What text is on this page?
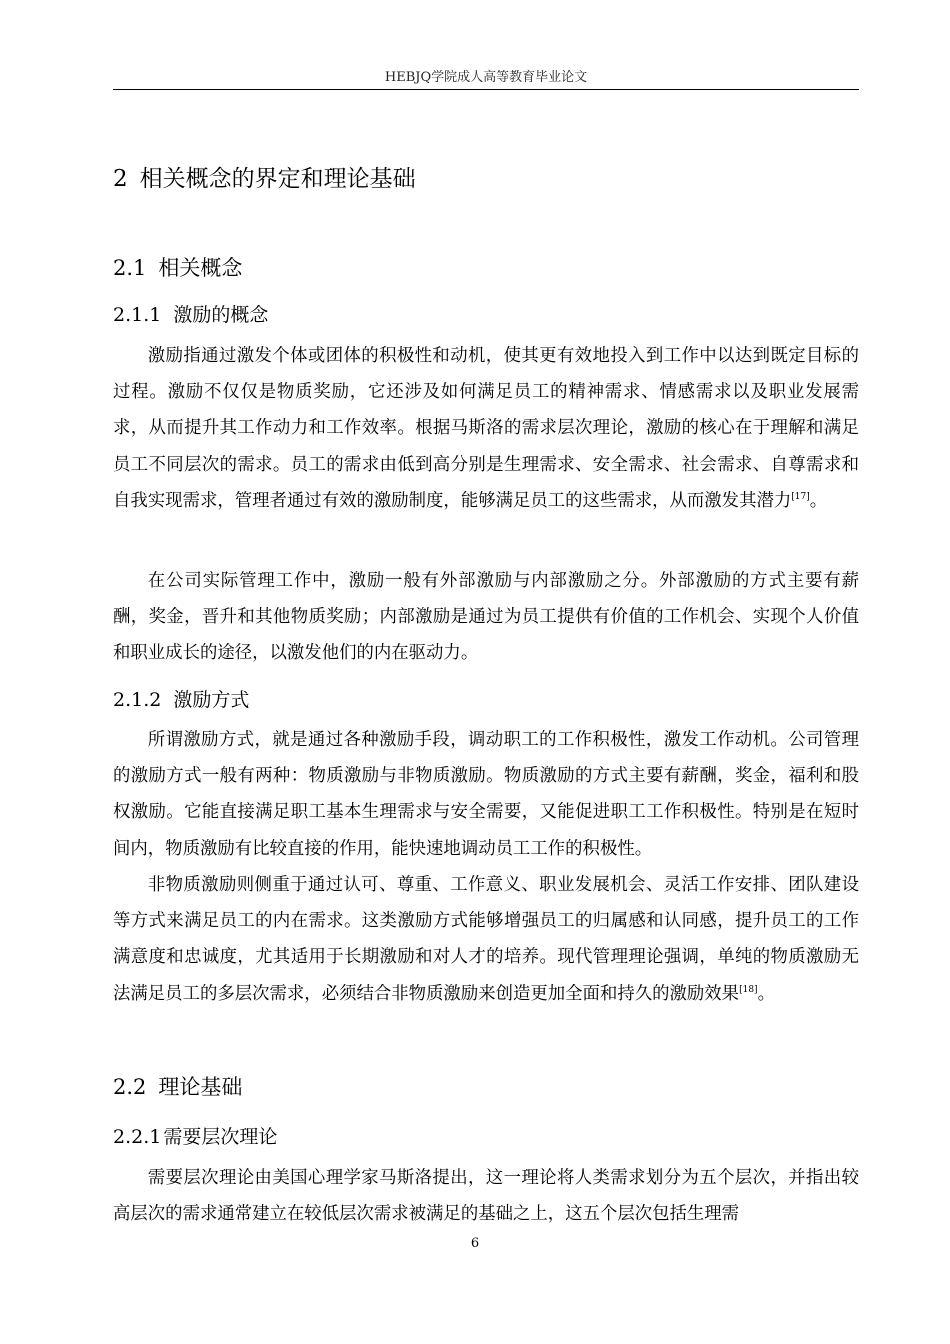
HEBJQ学院成人高等教育毕业论文
2 相关概念的界定和理论基础
2.1 相关概念
2.1.1 激励的概念

激励指通过激发个体或团体的积极性和动机，使其更有效地投入到工作中以达到既定目标的过程。激励不仅仅是物质奖励，它还涉及如何满足员工的精神需求、情感需求以及职业发展需求，从而提升其工作动力和工作效率。根据马斯洛的需求层次理论，激励的核心在于理解和满足员工不同层次的需求。员工的需求由低到高分别是生理需求、安全需求、社会需求、自尊需求和自我实现需求，管理者通过有效的激励制度，能够满足员工的这些需求，从而激发其潜力[17]。

在公司实际管理工作中，激励一般有外部激励与内部激励之分。外部激励的方式主要有薪酬，奖金，晋升和其他物质奖励；内部激励是通过为员工提供有价值的工作机会、实现个人价值和职业成长的途径，以激发他们的内在驱动力。

2.1.2 激励方式

所谓激励方式，就是通过各种激励手段，调动职工的工作积极性，激发工作动机。公司管理的激励方式一般有两种：物质激励与非物质激励。物质激励的方式主要有薪酬，奖金，福利和股权激励。它能直接满足职工基本生理需求与安全需要，又能促进职工工作积极性。特别是在短时间内，物质激励有比较直接的作用，能快速地调动员工工作的积极性。

非物质激励则侧重于通过认可、尊重、工作意义、职业发展机会、灵活工作安排、团队建设等方式来满足员工的内在需求。这类激励方式能够增强员工的归属感和认同感，提升员工的工作满意度和忠诚度，尤其适用于长期激励和对人才的培养。现代管理理论强调，单纯的物质激励无法满足员工的多层次需求，必须结合非物质激励来创造更加全面和持久的激励效果[18]。

2.2 理论基础
2.2.1 需要层次理论

需要层次理论由美国心理学家马斯洛提出，这一理论将人类需求划分为五个层次，并指出较高层次的需求通常建立在较低层次需求被满足的基础之上，这五个层次包括生理需

6
